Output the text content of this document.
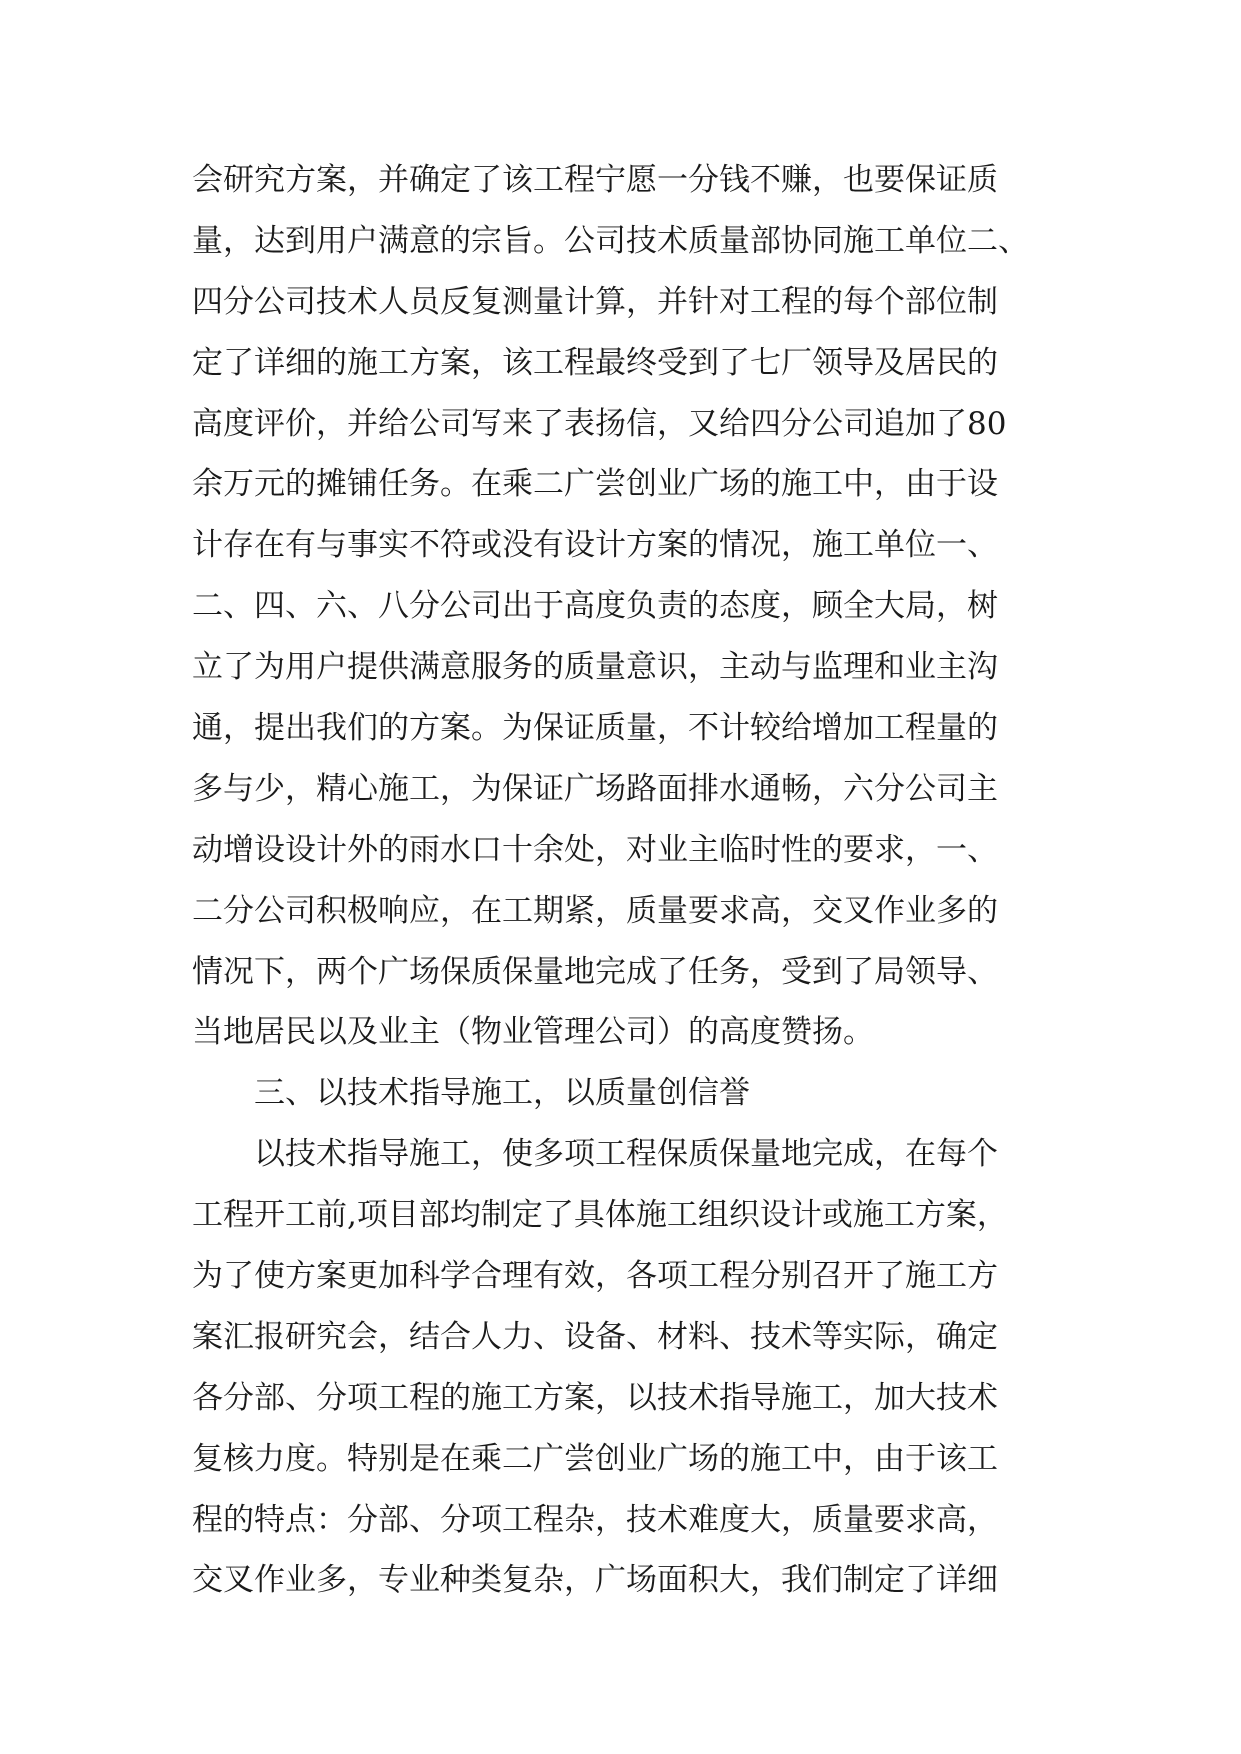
会研究方案，并确定了该工程宁愿一分钱不赚，也要保证质
量，达到用户满意的宗旨。公司技术质量部协同施工单位二、
四分公司技术人员反复测量计算，并针对工程的每个部位制
定了详细的施工方案，该工程最终受到了七厂领导及居民的
高度评价，并给公司写来了表扬信，又给四分公司追加了80
余万元的摊铺任务。在乘二广尝创业广场的施工中，由于设
计存在有与事实不符或没有设计方案的情况，施工单位一、
二、四、六、八分公司出于高度负责的态度，顾全大局，树
立了为用户提供满意服务的质量意识，主动与监理和业主沟
通，提出我们的方案。为保证质量，不计较给增加工程量的
多与少，精心施工，为保证广场路面排水通畅，六分公司主
动增设设计外的雨水口十余处，对业主临时性的要求，一、
二分公司积极响应，在工期紧，质量要求高，交叉作业多的
情况下，两个广场保质保量地完成了任务，受到了局领导、
当地居民以及业主（物业管理公司）的高度赞扬。
三、以技术指导施工，以质量创信誉
以技术指导施工，使多项工程保质保量地完成，在每个
工程开工前,项目部均制定了具体施工组织设计或施工方案，
为了使方案更加科学合理有效，各项工程分别召开了施工方
案汇报研究会，结合人力、设备、材料、技术等实际，确定
各分部、分项工程的施工方案，以技术指导施工，加大技术
复核力度。特别是在乘二广尝创业广场的施工中，由于该工
程的特点：分部、分项工程杂，技术难度大，质量要求高，
交叉作业多，专业种类复杂，广场面积大，我们制定了详细
